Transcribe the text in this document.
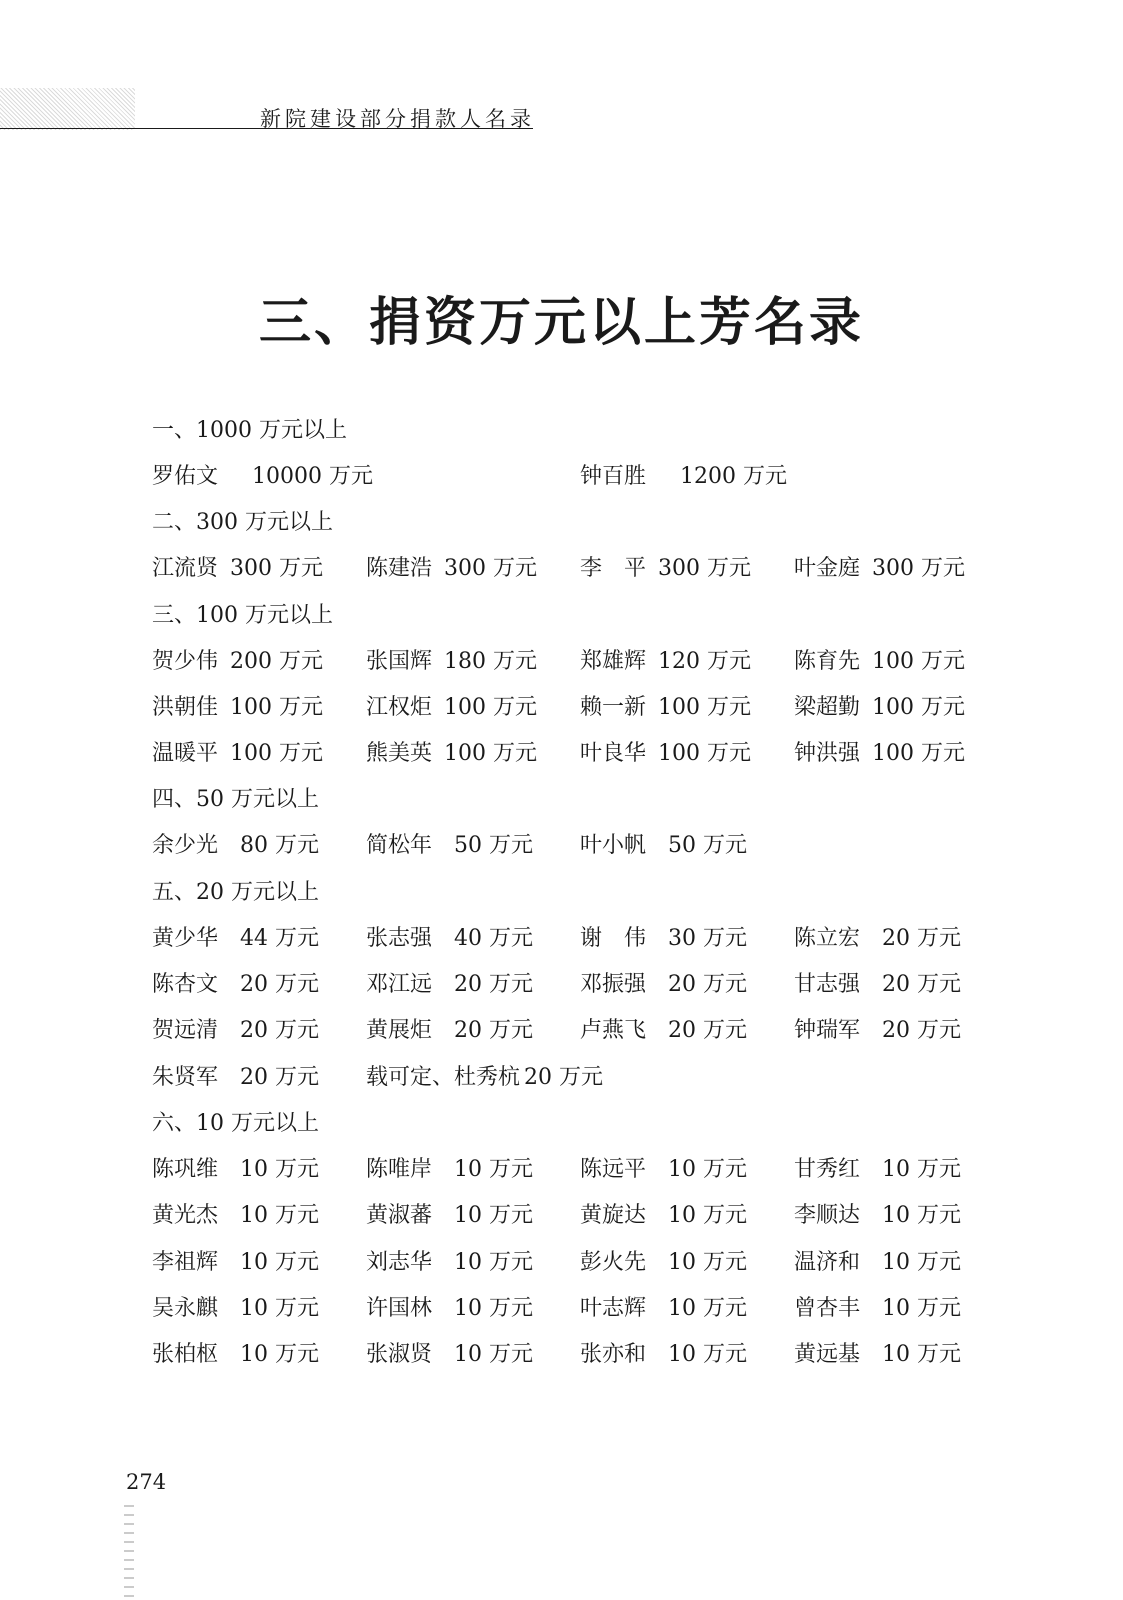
新院建设部分捐款人名录
三、捐资万元以上芳名录
一、1000 万元以上
罗佑文 10000 万元	钟百胜 1200 万元
二、300 万元以上
江流贤 300 万元 陈建浩 300 万元 李　平 300 万元 叶金庭 300 万元
三、100 万元以上
贺少伟 200 万元 张国辉 180 万元 郑雄辉 120 万元 陈育先 100 万元
洪朝佳 100 万元 江权炬 100 万元 赖一新 100 万元 梁超勤 100 万元
温暖平 100 万元 熊美英 100 万元 叶良华 100 万元 钟洪强 100 万元
四、50 万元以上
余少光 80 万元 简松年 50 万元 叶小帆 50 万元
五、20 万元以上
黄少华 44 万元 张志强 40 万元 谢　伟 30 万元 陈立宏 20 万元
陈杏文 20 万元 邓江远 20 万元 邓振强 20 万元 甘志强 20 万元
贺远清 20 万元 黄展炬 20 万元 卢燕飞 20 万元 钟瑞军 20 万元
朱贤军 20 万元 载可定、杜秀杭 20 万元
六、10 万元以上
陈巩维 10 万元 陈唯岸 10 万元 陈远平 10 万元 甘秀红 10 万元
黄光杰 10 万元 黄淑蕃 10 万元 黄旋达 10 万元 李顺达 10 万元
李祖辉 10 万元 刘志华 10 万元 彭火先 10 万元 温济和 10 万元
吴永麒 10 万元 许国林 10 万元 叶志辉 10 万元 曾杏丰 10 万元
张柏枢 10 万元 张淑贤 10 万元 张亦和 10 万元 黄远基 10 万元
274
